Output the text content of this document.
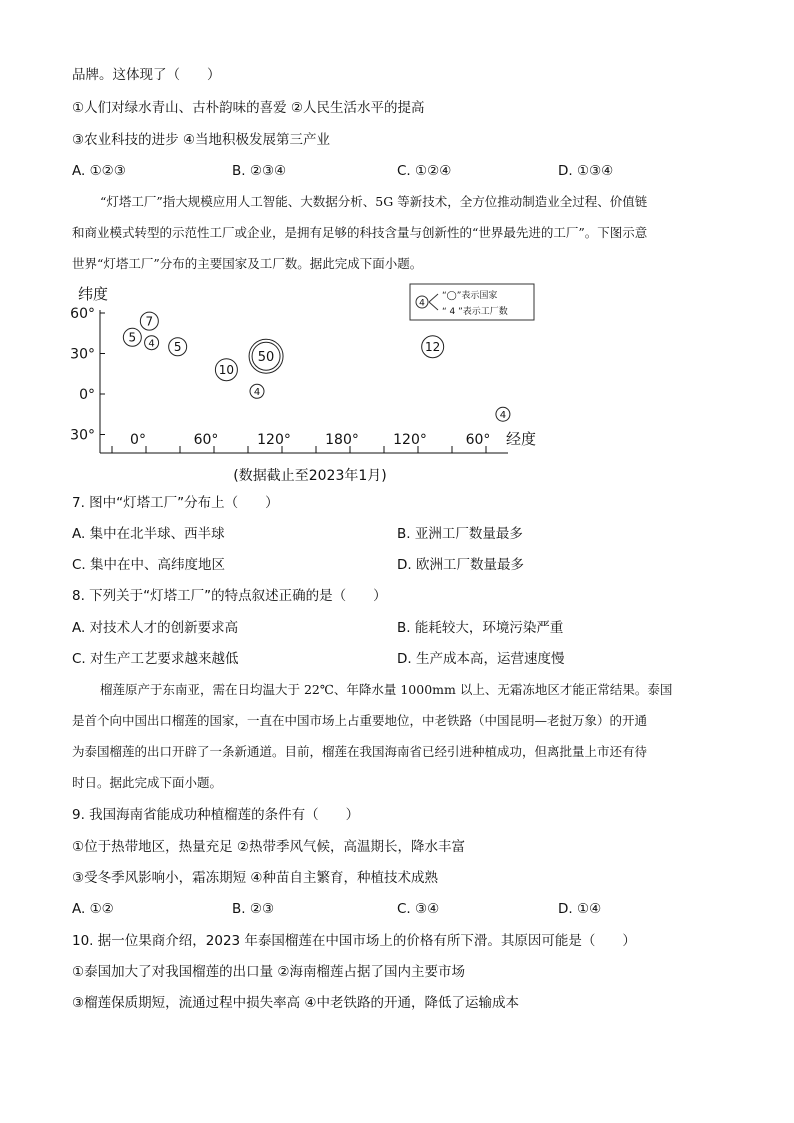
品牌。这体现了（　　）
①人们对绿水青山、古朴韵味的喜爱 ②人民生活水平的提高
③农业科技的进步 ④当地积极发展第三产业
A. ①②③	B. ②③④	C. ①②④	D. ①③④
“灯塔工厂”指大规模应用人工智能、大数据分析、5G 等新技术，全方位推动制造业全过程、价值链
和商业模式转型的示范性工厂或企业，是拥有足够的科技含量与创新性的“世界最先进的工厂”。下图示意
世界“灯塔工厂”分布的主要国家及工厂数。据此完成下面小题。
纬度
60°
30°
0°
30°	0°	60°	120° 180° 120°	60°
5
7
4 5
10
50
4
12
4
4
“◯”表示国家
“ 4 ”表示工厂数
经度
(数据截止至2023年1月)
7. 图中“灯塔工厂”分布上（　　）
A. 集中在北半球、西半球	B. 亚洲工厂数量最多
C. 集中在中、高纬度地区	D. 欧洲工厂数量最多
8. 下列关于“灯塔工厂”的特点叙述正确的是（　　）
A. 对技术人才的创新要求高	B. 能耗较大，环境污染严重
C. 对生产工艺要求越来越低	D. 生产成本高，运营速度慢
榴莲原产于东南亚，需在日均温大于 22℃、年降水量 1000mm 以上、无霜冻地区才能正常结果。泰国
是首个向中国出口榴莲的国家，一直在中国市场上占重要地位，中老铁路（中国昆明—老挝万象）的开通
为泰国榴莲的出口开辟了一条新通道。目前，榴莲在我国海南省已经引进种植成功，但离批量上市还有待
时日。据此完成下面小题。
9. 我国海南省能成功种植榴莲的条件有（　　）
①位于热带地区，热量充足 ②热带季风气候，高温期长，降水丰富
③受冬季风影响小，霜冻期短 ④种苗自主繁育，种植技术成熟
A. ①②	B. ②③	C. ③④	D. ①④
10. 据一位果商介绍，2023 年泰国榴莲在中国市场上的价格有所下滑。其原因可能是（　　）
①泰国加大了对我国榴莲的出口量 ②海南榴莲占据了国内主要市场
③榴莲保质期短，流通过程中损失率高 ④中老铁路的开通，降低了运输成本
